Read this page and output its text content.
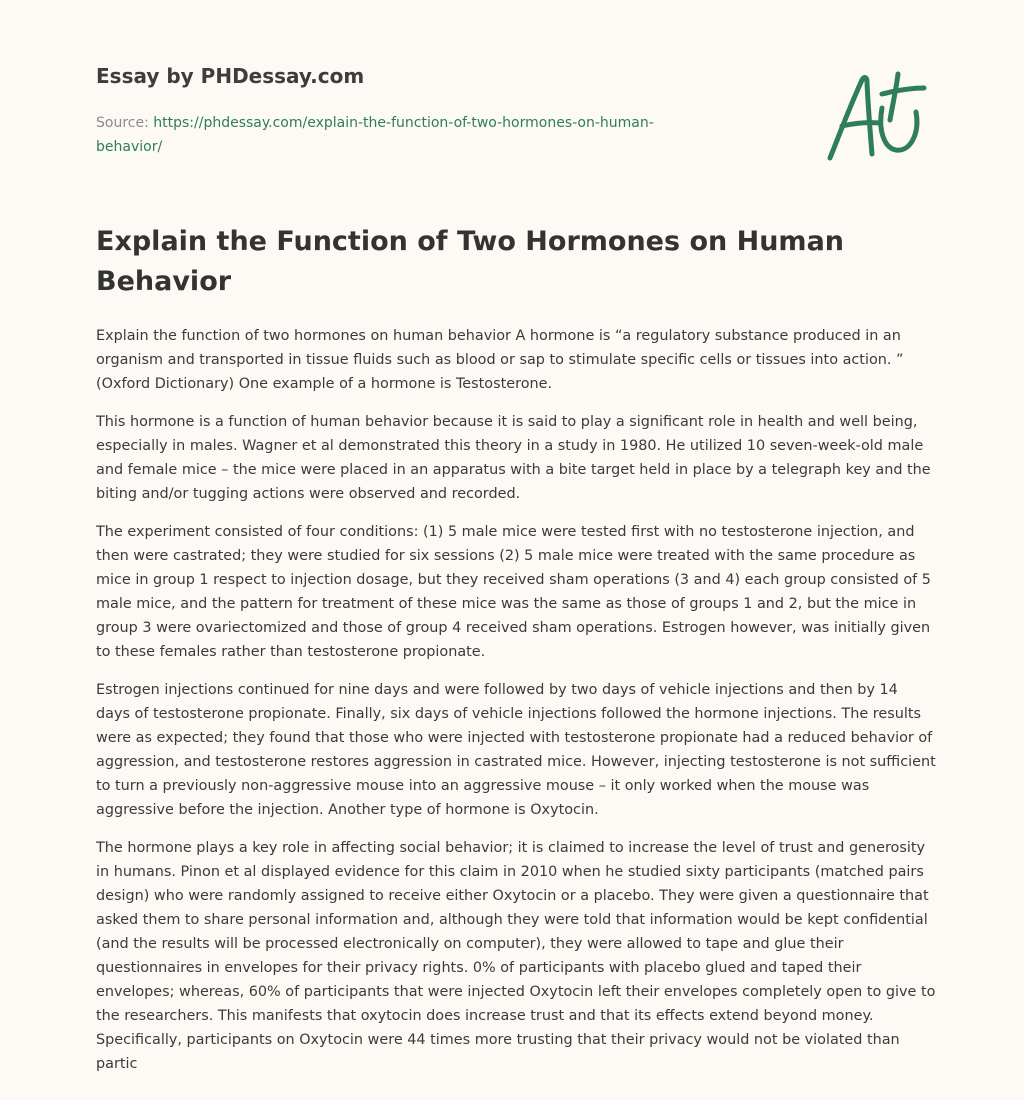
Essay by PHDessay.com
Source: https://phdessay.com/explain-the-function-of-two-hormones-on-human-behavior/
Explain the Function of Two Hormones on Human Behavior

Explain the function of two hormones on human behavior A hormone is “a regulatory substance produced in an organism and transported in tissue fluids such as blood or sap to stimulate specific cells or tissues into action. ” (Oxford Dictionary) One example of a hormone is Testosterone.

This hormone is a function of human behavior because it is said to play a significant role in health and well being, especially in males. Wagner et al demonstrated this theory in a study in 1980. He utilized 10 seven-week-old male and female mice – the mice were placed in an apparatus with a bite target held in place by a telegraph key and the biting and/or tugging actions were observed and recorded.

The experiment consisted of four conditions: (1) 5 male mice were tested first with no testosterone injection, and then were castrated; they were studied for six sessions (2) 5 male mice were treated with the same procedure as mice in group 1 respect to injection dosage, but they received sham operations (3 and 4) each group consisted of 5 male mice, and the pattern for treatment of these mice was the same as those of groups 1 and 2, but the mice in group 3 were ovariectomized and those of group 4 received sham operations. Estrogen however, was initially given to these females rather than testosterone propionate.

Estrogen injections continued for nine days and were followed by two days of vehicle injections and then by 14 days of testosterone propionate. Finally, six days of vehicle injections followed the hormone injections. The results were as expected; they found that those who were injected with testosterone propionate had a reduced behavior of aggression, and testosterone restores aggression in castrated mice. However, injecting testosterone is not sufficient to turn a previously non-aggressive mouse into an aggressive mouse – it only worked when the mouse was aggressive before the injection. Another type of hormone is Oxytocin.

The hormone plays a key role in affecting social behavior; it is claimed to increase the level of trust and generosity in humans. Pinon et al displayed evidence for this claim in 2010 when he studied sixty participants (matched pairs design) who were randomly assigned to receive either Oxytocin or a placebo. They were given a questionnaire that asked them to share personal information and, although they were told that information would be kept confidential (and the results will be processed electronically on computer), they were allowed to tape and glue their questionnaires in envelopes for their privacy rights. 0% of participants with placebo glued and taped their envelopes; whereas, 60% of participants that were injected Oxytocin left their envelopes completely open to give to the researchers. This manifests that oxytocin does increase trust and that its effects extend beyond money. Specifically, participants on Oxytocin were 44 times more trusting that their privacy would not be violated than partic
